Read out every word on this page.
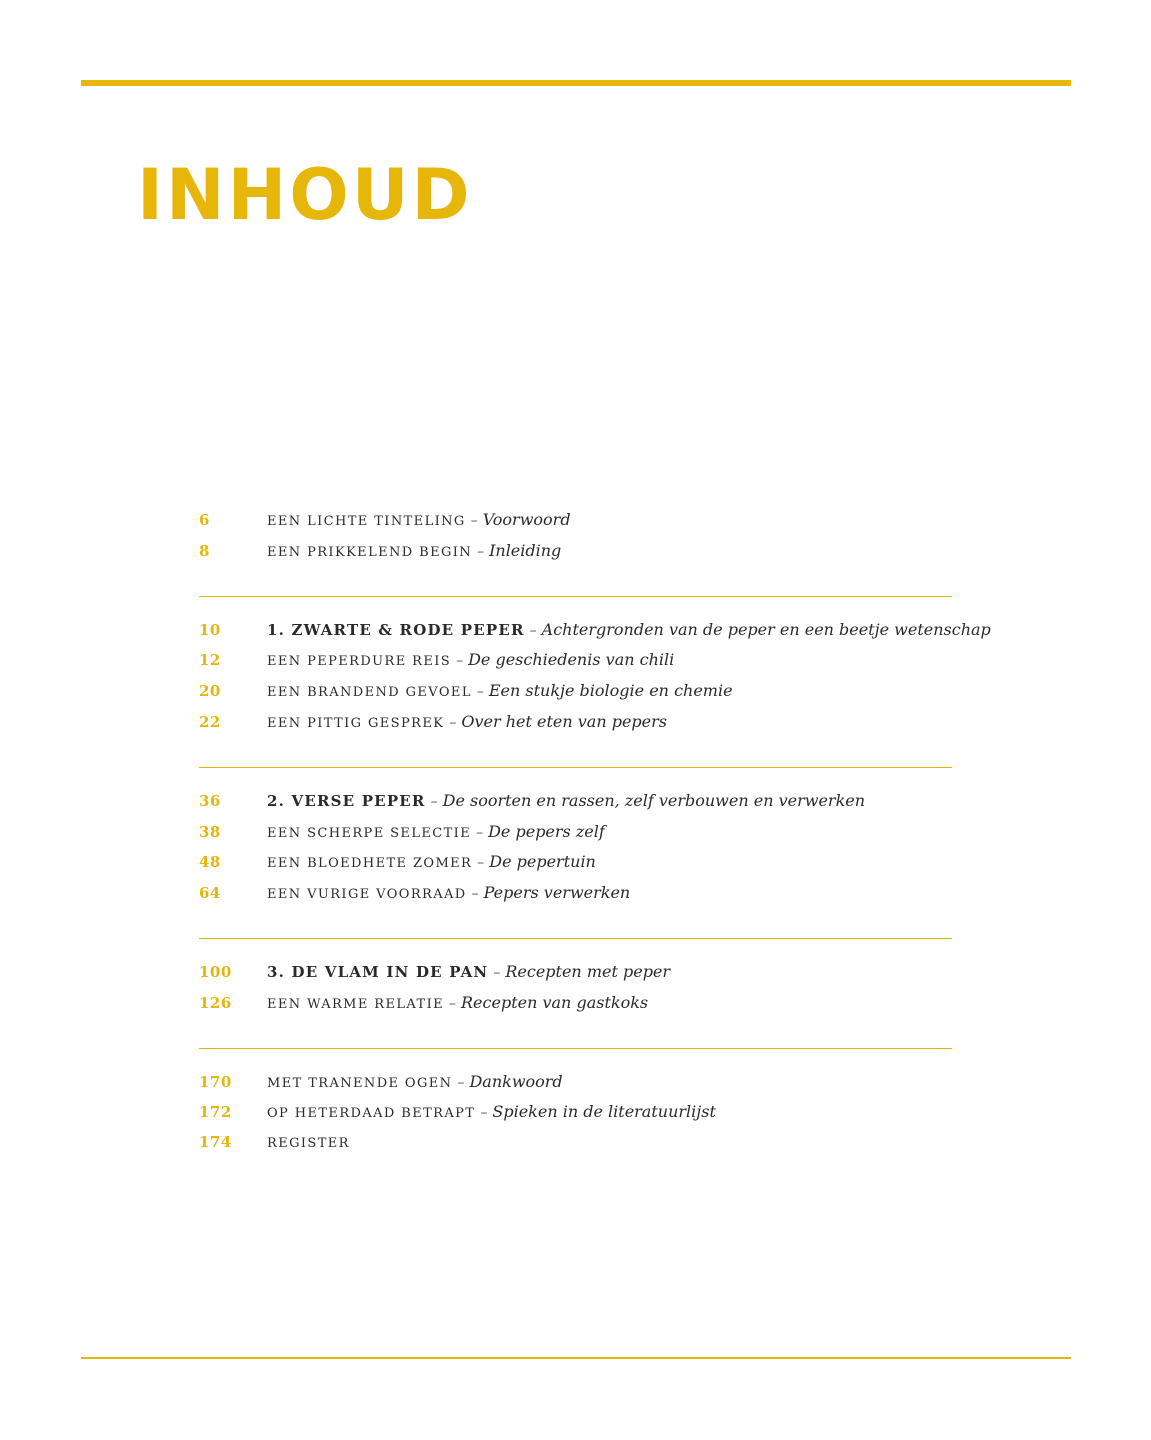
INHOUD
6	EEN LICHTE TINTELING – Voorwoord
8	EEN PRIKKELEND BEGIN – Inleiding
10	1. ZWARTE & RODE PEPER – Achtergronden van de peper en een beetje wetenschap
12	EEN PEPERDURE REIS – De geschiedenis van chili
20	EEN BRANDEND GEVOEL – Een stukje biologie en chemie
22	EEN PITTIG GESPREK – Over het eten van pepers
36	2. VERSE PEPER – De soorten en rassen, zelf verbouwen en verwerken
38	EEN SCHERPE SELECTIE – De pepers zelf
48	EEN BLOEDHETE ZOMER – De pepertuin
64	EEN VURIGE VOORRAAD – Pepers verwerken
100	3. DE VLAM IN DE PAN – Recepten met peper
126	EEN WARME RELATIE – Recepten van gastkoks
170	MET TRANENDE OGEN – Dankwoord
172	OP HETERDAAD BETRAPT – Spieken in de literatuurlijst
174	REGISTER
